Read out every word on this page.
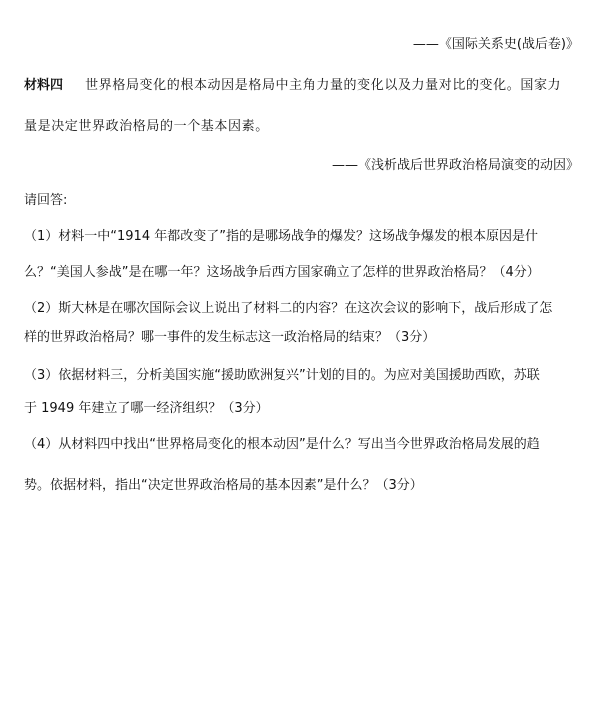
——《国际关系史(战后卷)》
材料四 世界格局变化的根本动因是格局中主角力量的变化以及力量对比的变化。国家力
量是决定世界政治格局的一个基本因素。
——《浅析战后世界政治格局演变的动因》
请回答:
（1）材料一中“1914 年都改变了”指的是哪场战争的爆发？这场战争爆发的根本原因是什
么？“美国人参战”是在哪一年？这场战争后西方国家确立了怎样的世界政治格局？（4分）
（2）斯大林是在哪次国际会议上说出了材料二的内容？在这次会议的影响下，战后形成了怎
样的世界政治格局？哪一事件的发生标志这一政治格局的结束？（3分）
（3）依据材料三，分析美国实施“援助欧洲复兴”计划的目的。为应对美国援助西欧，苏联
于 1949 年建立了哪一经济组织？（3分）
（4）从材料四中找出“世界格局变化的根本动因”是什么？写出当今世界政治格局发展的趋
势。依据材料，指出“决定世界政治格局的基本因素”是什么？（3分）
